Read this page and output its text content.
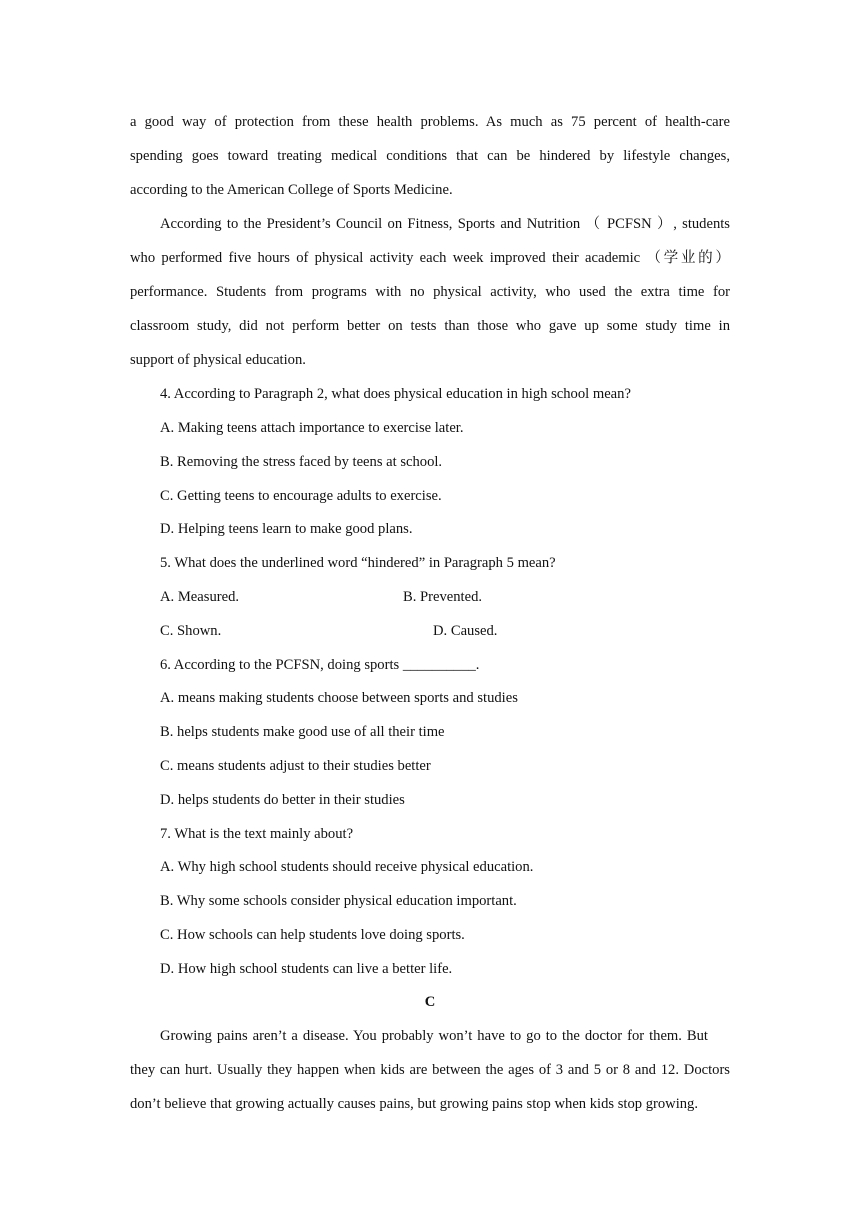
a good way of protection from these health problems. As much as 75 percent of health-care
spending goes toward treating medical conditions that can be hindered by lifestyle changes,
according to the American College of Sports Medicine.
According to the President’s Council on Fitness, Sports and Nutrition （ PCFSN ）, students
who performed five hours of physical activity each week improved their academic （学业的）
performance. Students from programs with no physical activity, who used the extra time for
classroom study, did not perform better on tests than those who gave up some study time in
support of physical education.
4. According to Paragraph 2, what does physical education in high school mean?
A. Making teens attach importance to exercise later.
B. Removing the stress faced by teens at school.
C. Getting teens to encourage adults to exercise.
D. Helping teens learn to make good plans.
5. What does the underlined word “hindered” in Paragraph 5 mean?
A. Measured.	B. Prevented.
C. Shown.	D. Caused.
6. According to the PCFSN, doing sports __________.
A. means making students choose between sports and studies
B. helps students make good use of all their time
C. means students adjust to their studies better
D. helps students do better in their studies
7. What is the text mainly about?
A. Why high school students should receive physical education.
B. Why some schools consider physical education important.
C. How schools can help students love doing sports.
D. How high school students can live a better life.
C
Growing pains aren’t a disease. You probably won’t have to go to the doctor for them. But
they can hurt. Usually they happen when kids are between the ages of 3 and 5 or 8 and 12. Doctors
don’t believe that growing actually causes pains, but growing pains stop when kids stop growing.
